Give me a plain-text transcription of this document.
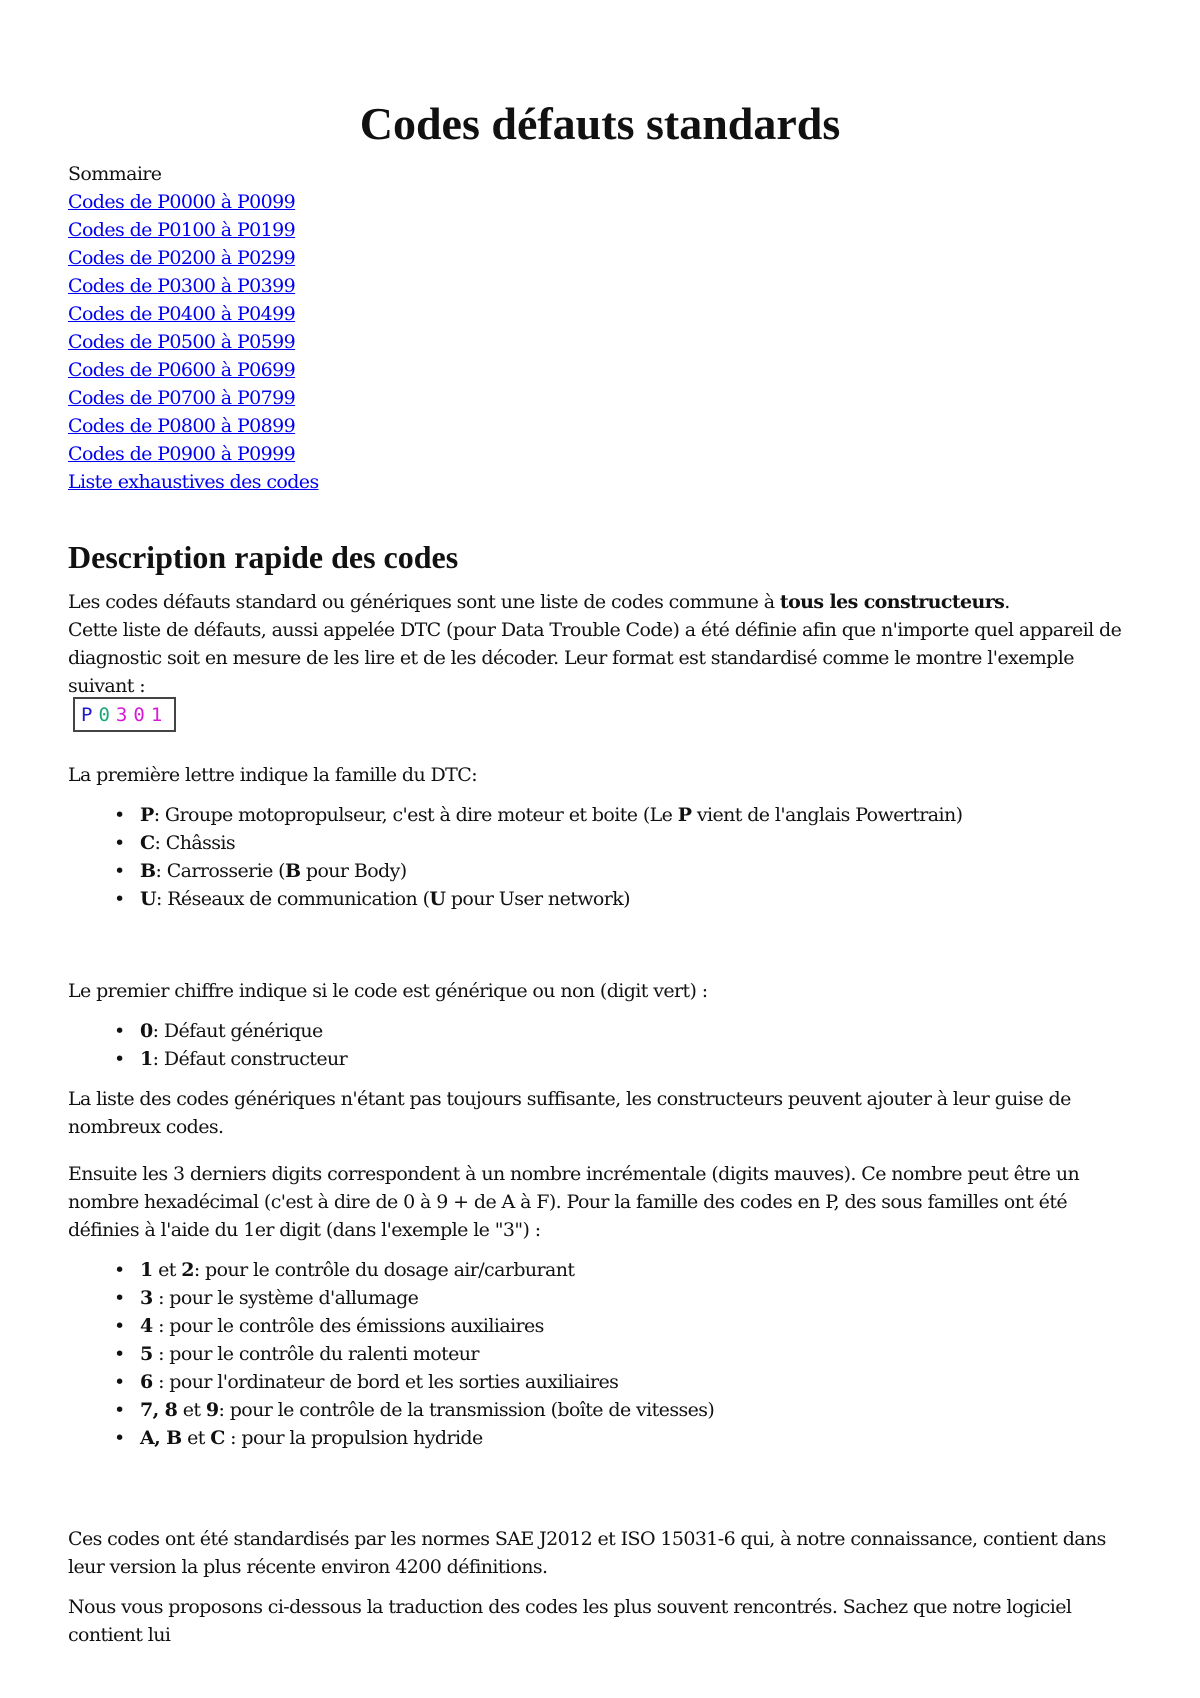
Codes défauts standards
Sommaire
Codes de P0000 à P0099
Codes de P0100 à P0199
Codes de P0200 à P0299
Codes de P0300 à P0399
Codes de P0400 à P0499
Codes de P0500 à P0599
Codes de P0600 à P0699
Codes de P0700 à P0799
Codes de P0800 à P0899
Codes de P0900 à P0999
Liste exhaustives des codes
Description rapide des codes

Les codes défauts standard ou génériques sont une liste de codes commune à tous les constructeurs.

Cette liste de défauts, aussi appelée DTC (pour Data Trouble Code) a été définie afin que n'importe quel appareil de diagnostic soit en mesure de les lire et de les décoder. Leur format est standardisé comme le montre l'exemple suivant :

P0301

La première lettre indique la famille du DTC:

• P: Groupe motopropulseur, c'est à dire moteur et boite (Le P vient de l'anglais Powertrain)
• C: Châssis
• B: Carrosserie (B pour Body)
• U: Réseaux de communication (U pour User network)

Le premier chiffre indique si le code est générique ou non (digit vert) :

• 0: Défaut générique
• 1: Défaut constructeur

La liste des codes génériques n'étant pas toujours suffisante, les constructeurs peuvent ajouter à leur guise de nombreux codes.

Ensuite les 3 derniers digits correspondent à un nombre incrémentale (digits mauves). Ce nombre peut être un nombre hexadécimal (c'est à dire de 0 à 9 + de A à F). Pour la famille des codes en P, des sous familles ont été définies à l'aide du 1er digit (dans l'exemple le "3") :

• 1 et 2: pour le contrôle du dosage air/carburant
• 3 : pour le système d'allumage
• 4 : pour le contrôle des émissions auxiliaires
• 5 : pour le contrôle du ralenti moteur
• 6 : pour l'ordinateur de bord et les sorties auxiliaires
• 7, 8 et 9: pour le contrôle de la transmission (boîte de vitesses)
• A, B et C : pour la propulsion hydride

Ces codes ont été standardisés par les normes SAE J2012 et ISO 15031-6 qui, à notre connaissance, contient dans leur version la plus récente environ 4200 définitions.

Nous vous proposons ci-dessous la traduction des codes les plus souvent rencontrés. Sachez que notre logiciel contient lui
